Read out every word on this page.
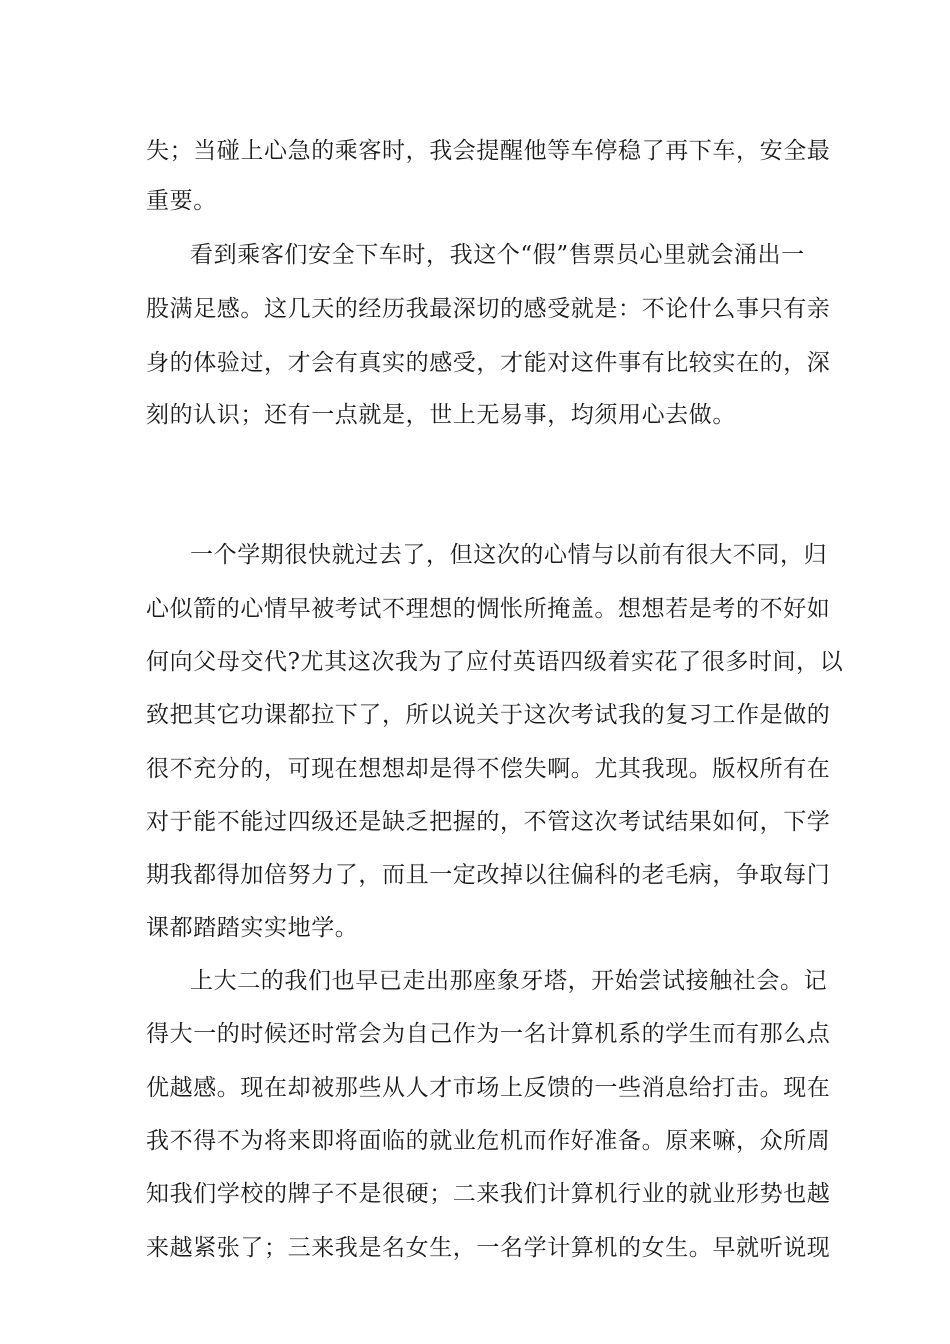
失；当碰上心急的乘客时，我会提醒他等车停稳了再下车，安全最
重要。
看到乘客们安全下车时，我这个“假”售票员心里就会涌出一
股满足感。这几天的经历我最深切的感受就是：不论什么事只有亲
身的体验过，才会有真实的感受，才能对这件事有比较实在的，深
刻的认识；还有一点就是，世上无易事，均须用心去做。
一个学期很快就过去了，但这次的心情与以前有很大不同，归
心似箭的心情早被考试不理想的惆怅所掩盖。想想若是考的不好如
何向父母交代?尤其这次我为了应付英语四级着实花了很多时间，以
致把其它功课都拉下了，所以说关于这次考试我的复习工作是做的
很不充分的，可现在想想却是得不偿失啊。尤其我现。版权所有在
对于能不能过四级还是缺乏把握的，不管这次考试结果如何，下学
期我都得加倍努力了，而且一定改掉以往偏科的老毛病，争取每门
课都踏踏实实地学。
上大二的我们也早已走出那座象牙塔，开始尝试接触社会。记
得大一的时候还时常会为自己作为一名计算机系的学生而有那么点
优越感。现在却被那些从人才市场上反馈的一些消息给打击。现在
我不得不为将来即将面临的就业危机而作好准备。原来嘛，众所周
知我们学校的牌子不是很硬；二来我们计算机行业的就业形势也越
来越紧张了；三来我是名女生，一名学计算机的女生。早就听说现
